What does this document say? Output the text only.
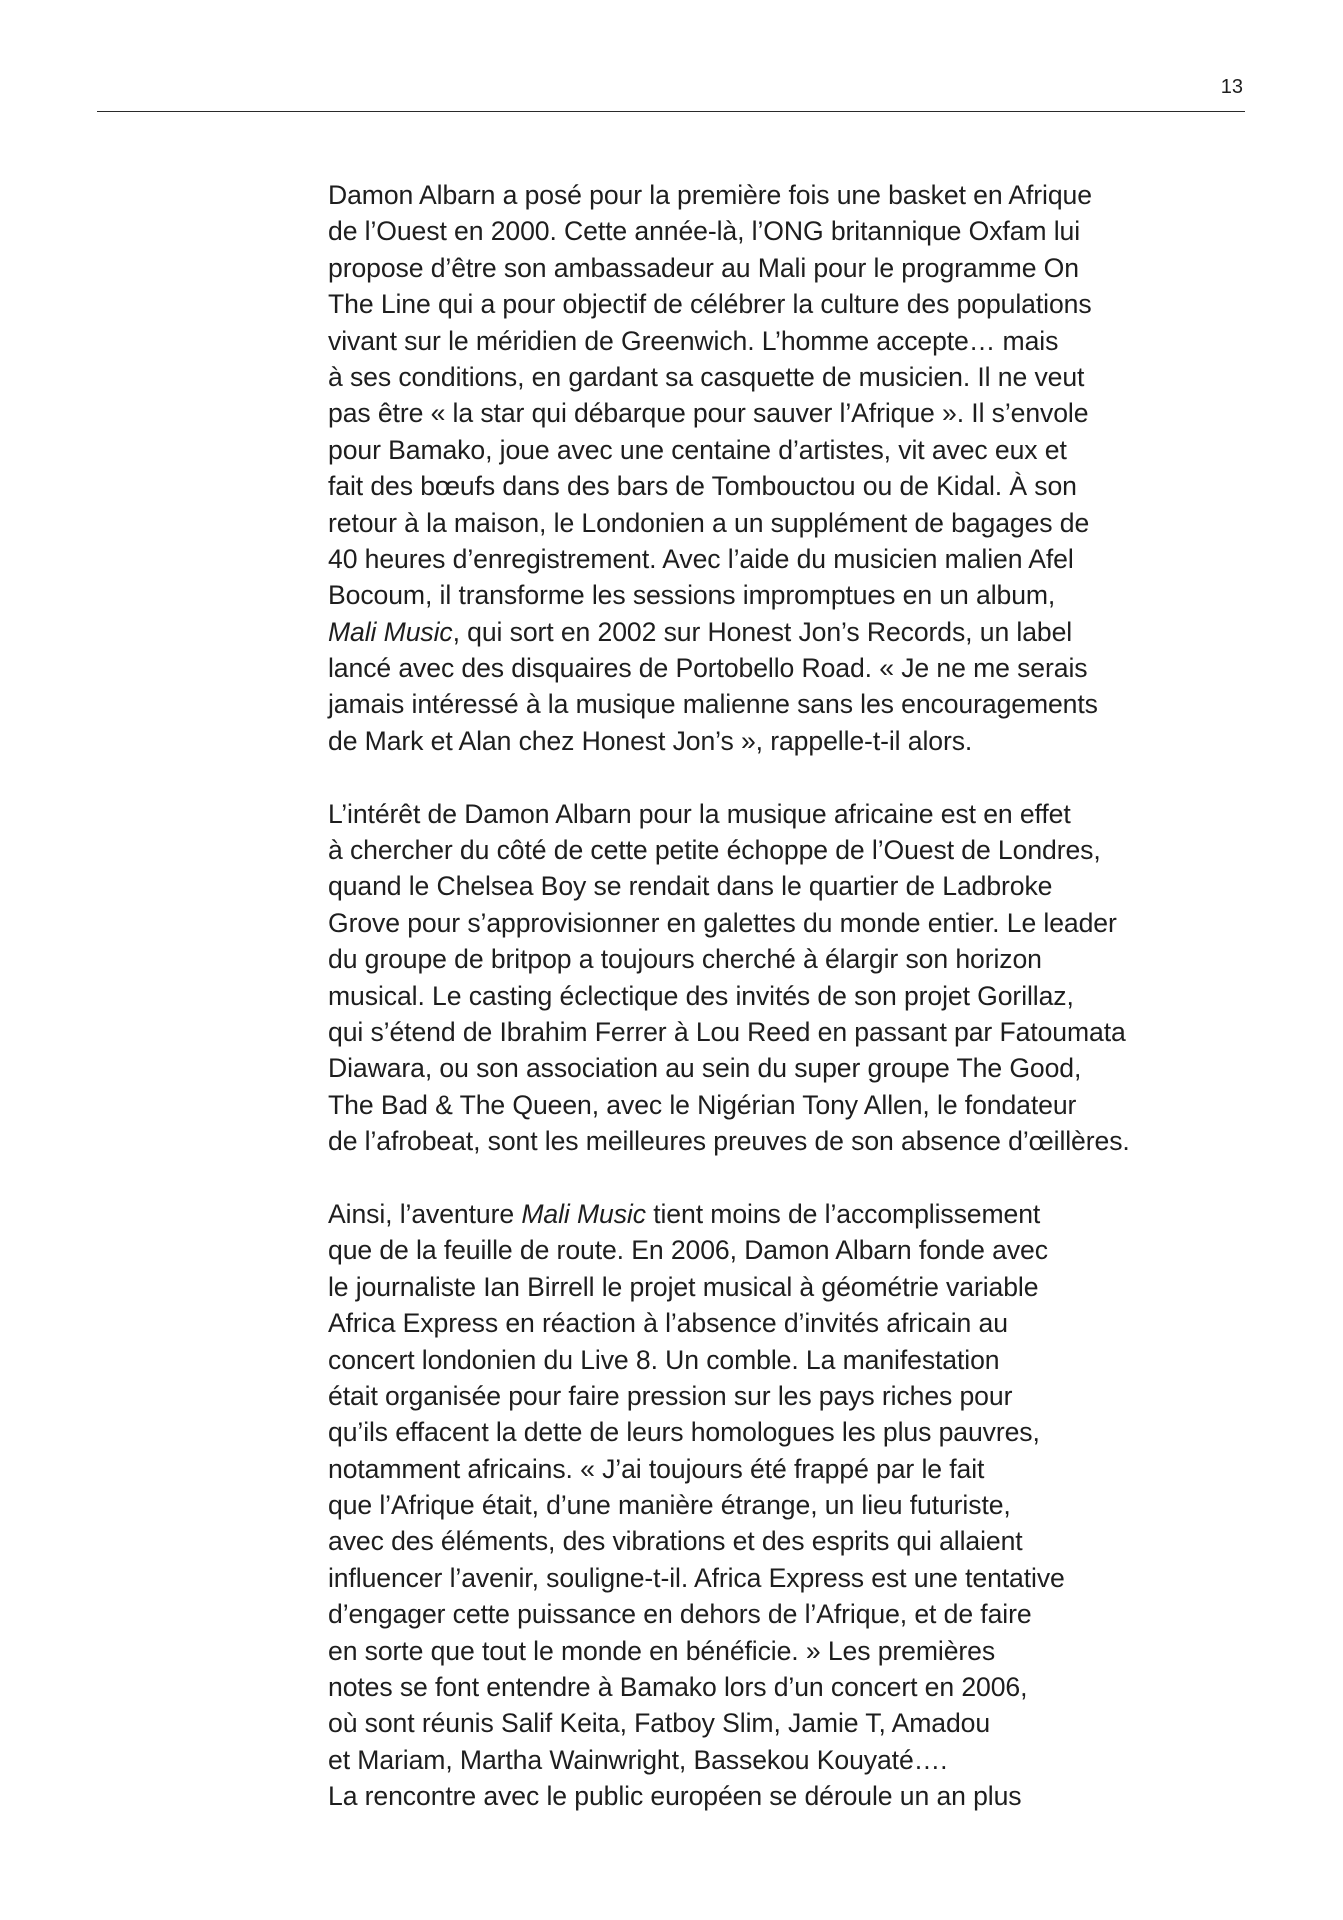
13
Damon Albarn a posé pour la première fois une basket en Afrique
de l’Ouest en 2000. Cette année-là, l’ONG britannique Oxfam lui
propose d’être son ambassadeur au Mali pour le programme On
The Line qui a pour objectif de célébrer la culture des populations
vivant sur le méridien de Greenwich. L’homme accepte… mais
à ses conditions, en gardant sa casquette de musicien. Il ne veut
pas être « la star qui débarque pour sauver l’Afrique ». Il s’envole
pour Bamako, joue avec une centaine d’artistes, vit avec eux et
fait des bœufs dans des bars de Tombouctou ou de Kidal. À son
retour à la maison, le Londonien a un supplément de bagages de
40 heures d’enregistrement. Avec l’aide du musicien malien Afel
Bocoum, il transforme les sessions impromptues en un album,
Mali Music, qui sort en 2002 sur Honest Jon’s Records, un label
lancé avec des disquaires de Portobello Road. « Je ne me serais
jamais intéressé à la musique malienne sans les encouragements
de Mark et Alan chez Honest Jon’s », rappelle-t-il alors.
L’intérêt de Damon Albarn pour la musique africaine est en effet
à chercher du côté de cette petite échoppe de l’Ouest de Londres,
quand le Chelsea Boy se rendait dans le quartier de Ladbroke
Grove pour s’approvisionner en galettes du monde entier. Le leader
du groupe de britpop a toujours cherché à élargir son horizon
musical. Le casting éclectique des invités de son projet Gorillaz,
qui s’étend de Ibrahim Ferrer à Lou Reed en passant par Fatoumata
Diawara, ou son association au sein du super groupe The Good,
The Bad & The Queen, avec le Nigérian Tony Allen, le fondateur
de l’afrobeat, sont les meilleures preuves de son absence d’œillères.
Ainsi, l’aventure Mali Music tient moins de l’accomplissement
que de la feuille de route. En 2006, Damon Albarn fonde avec
le journaliste Ian Birrell le projet musical à géométrie variable
Africa Express en réaction à l’absence d’invités africain au
concert londonien du Live 8. Un comble. La manifestation
était organisée pour faire pression sur les pays riches pour
qu’ils effacent la dette de leurs homologues les plus pauvres,
notamment africains. « J’ai toujours été frappé par le fait
que l’Afrique était, d’une manière étrange, un lieu futuriste,
avec des éléments, des vibrations et des esprits qui allaient
influencer l’avenir, souligne-t-il. Africa Express est une tentative
d’engager cette puissance en dehors de l’Afrique, et de faire
en sorte que tout le monde en bénéficie. » Les premières
notes se font entendre à Bamako lors d’un concert en 2006,
où sont réunis Salif Keita, Fatboy Slim, Jamie T, Amadou
et Mariam, Martha Wainwright, Bassekou Kouyaté….
La rencontre avec le public européen se déroule un an plus
